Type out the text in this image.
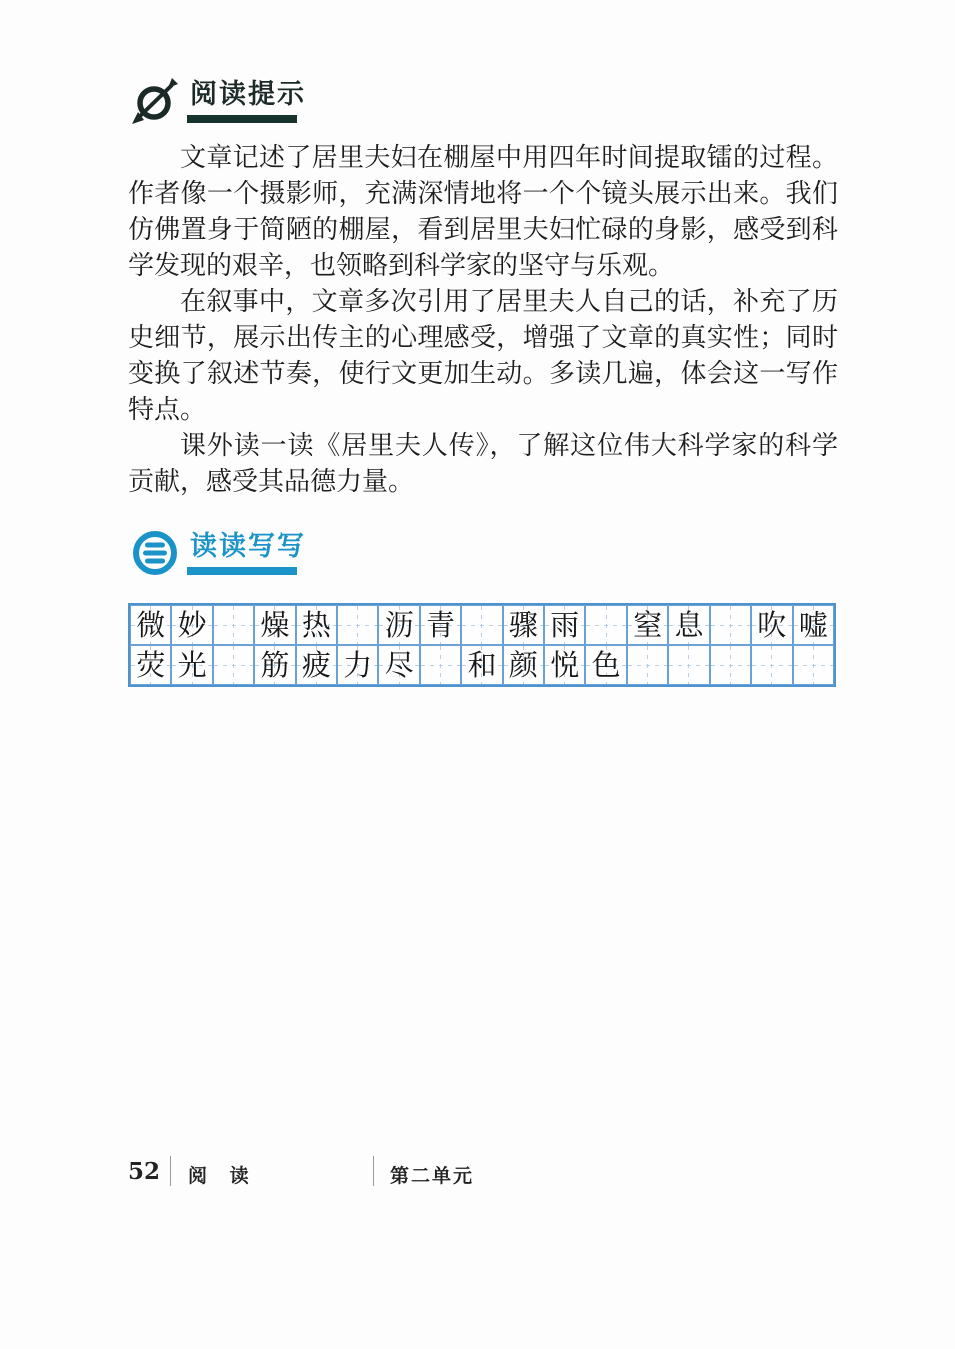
阅读提示

文章记述了居里夫妇在棚屋中用四年时间提取镭的过程。作者像一个摄影师，充满深情地将一个个镜头展示出来。我们仿佛置身于简陋的棚屋，看到居里夫妇忙碌的身影，感受到科学发现的艰辛，也领略到科学家的坚守与乐观。

在叙事中，文章多次引用了居里夫人自己的话，补充了历史细节，展示出传主的心理感受，增强了文章的真实性；同时变换了叙述节奏，使行文更加生动。多读几遍，体会这一写作特点。

课外读一读《居里夫人传》，了解这位伟大科学家的科学贡献，感受其品德力量。

读读写写
微 妙 燥 热 沥 青 骤 雨 窒 息 吹 嘘
荧 光 筋 疲 力 尽 和 颜 悦 色
52 阅 读	第二单元
